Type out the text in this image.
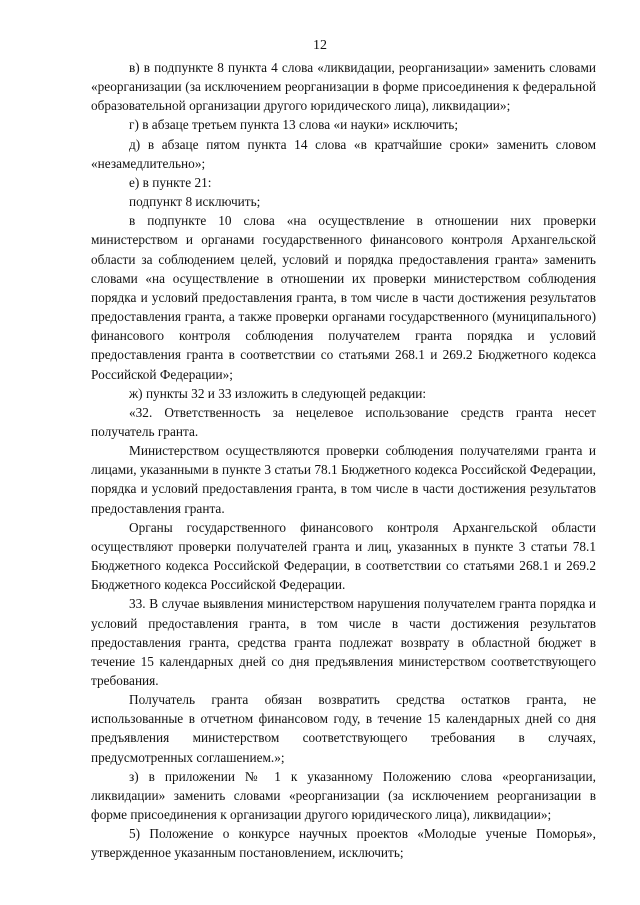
12

в) в подпункте 8 пункта 4 слова «ликвидации, реорганизации» заменить словами «реорганизации (за исключением реорганизации в форме присоединения к федеральной образовательной организации другого юридического лица), ликвидации»;

г) в абзаце третьем пункта 13 слова «и науки» исключить;

д) в абзаце пятом пункта 14 слова «в кратчайшие сроки» заменить словом «незамедлительно»;

е) в пункте 21:

подпункт 8 исключить;

в подпункте 10 слова «на осуществление в отношении них проверки министерством и органами государственного финансового контроля Архангельской области за соблюдением целей, условий и порядка предоставления гранта» заменить словами «на осуществление в отношении их проверки министерством соблюдения порядка и условий предоставления гранта, в том числе в части достижения результатов предоставления гранта, а также проверки органами государственного (муниципального) финансового контроля соблюдения получателем гранта порядка и условий предоставления гранта в соответствии со статьями 268.1 и 269.2 Бюджетного кодекса Российской Федерации»;

ж) пункты 32 и 33 изложить в следующей редакции:

«32. Ответственность за нецелевое использование средств гранта несет получатель гранта.

Министерством осуществляются проверки соблюдения получателями гранта и лицами, указанными в пункте 3 статьи 78.1 Бюджетного кодекса Российской Федерации, порядка и условий предоставления гранта, в том числе в части достижения результатов предоставления гранта.

Органы государственного финансового контроля Архангельской области осуществляют проверки получателей гранта и лиц, указанных в пункте 3 статьи 78.1 Бюджетного кодекса Российской Федерации, в соответствии со статьями 268.1 и 269.2 Бюджетного кодекса Российской Федерации.

33. В случае выявления министерством нарушения получателем гранта порядка и условий предоставления гранта, в том числе в части достижения результатов предоставления гранта, средства гранта подлежат возврату в областной бюджет в течение 15 календарных дней со дня предъявления министерством соответствующего требования.

Получатель гранта обязан возвратить средства остатков гранта, не использованные в отчетном финансовом году, в течение 15 календарных дней со дня предъявления министерством соответствующего требования в случаях, предусмотренных соглашением.»;

з) в приложении № 1 к указанному Положению слова «реорганизации, ликвидации» заменить словами «реорганизации (за исключением реорганизации в форме присоединения к организации другого юридического лица), ликвидации»;

5) Положение о конкурсе научных проектов «Молодые ученые Поморья», утвержденное указанным постановлением, исключить;
